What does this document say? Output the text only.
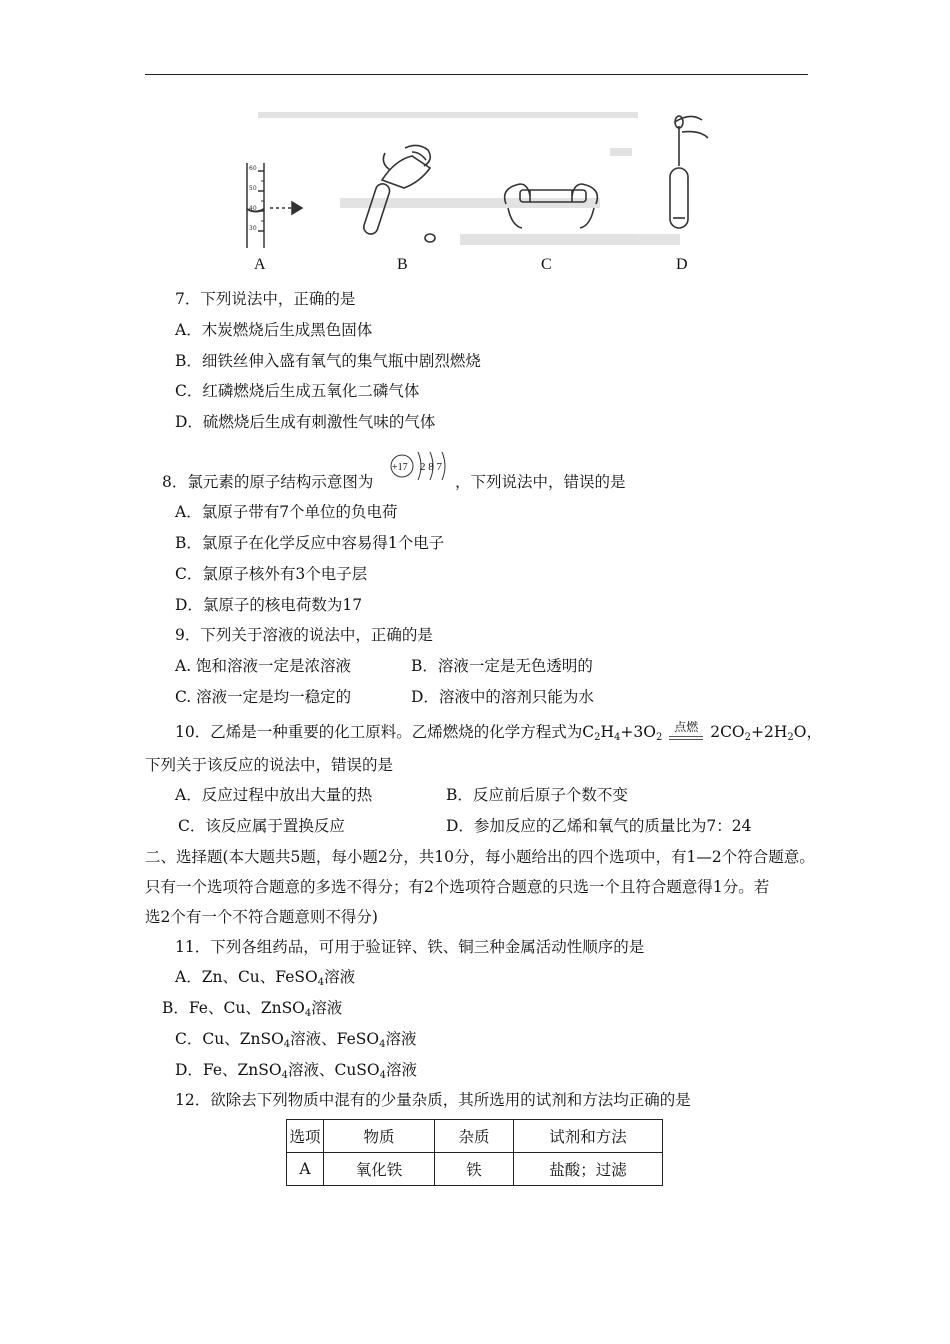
60
50
40
30
A	B	C	D
7．下列说法中，正确的是
A．木炭燃烧后生成黑色固体
B．细铁丝伸入盛有氧气的集气瓶中剧烈燃烧
C．红磷燃烧后生成五氧化二磷气体
D．硫燃烧后生成有刺激性气味的气体
8．氯元素的原子结构示意图为
+17 2 8 7
，下列说法中，错误的是
A．氯原子带有7个单位的负电荷
B．氯原子在化学反应中容易得1个电子
C．氯原子核外有3个电子层
D．氯原子的核电荷数为17
9．下列关于溶液的说法中，正确的是
A. 饱和溶液一定是浓溶液	B．溶液一定是无色透明的
C. 溶液一定是均一稳定的	D．溶液中的溶剂只能为水
10．乙烯是一种重要的化工原料。乙烯燃烧的化学方程式为$C_2H_4+3O_2$ $^{点燃}$ $2CO_2+2H_2O$，
下列关于该反应的说法中，错误的是
A．反应过程中放出大量的热	B．反应前后原子个数不变
C．该反应属于置换反应	D．参加反应的乙烯和氧气的质量比为7：24
二、选择题(本大题共5题，每小题2分，共10分，每小题给出的四个选项中，有1—2个符合题意。
只有一个选项符合题意的多选不得分；有2个选项符合题意的只选一个且符合题意得1分。若
选2个有一个不符合题意则不得分)
11．下列各组药品，可用于验证锌、铁、铜三种金属活动性顺序的是
A．Zn、Cu、FeSO$_4$溶液
B．Fe、Cu、ZnSO$_4$溶液
C．Cu、ZnSO$_4$溶液、FeSO$_4$溶液
D．Fe、ZnSO$_4$溶液、CuSO$_4$溶液
12．欲除去下列物质中混有的少量杂质，其所选用的试剂和方法均正确的是
选项	物质	杂质	试剂和方法
A	氧化铁	铁	盐酸；过滤
